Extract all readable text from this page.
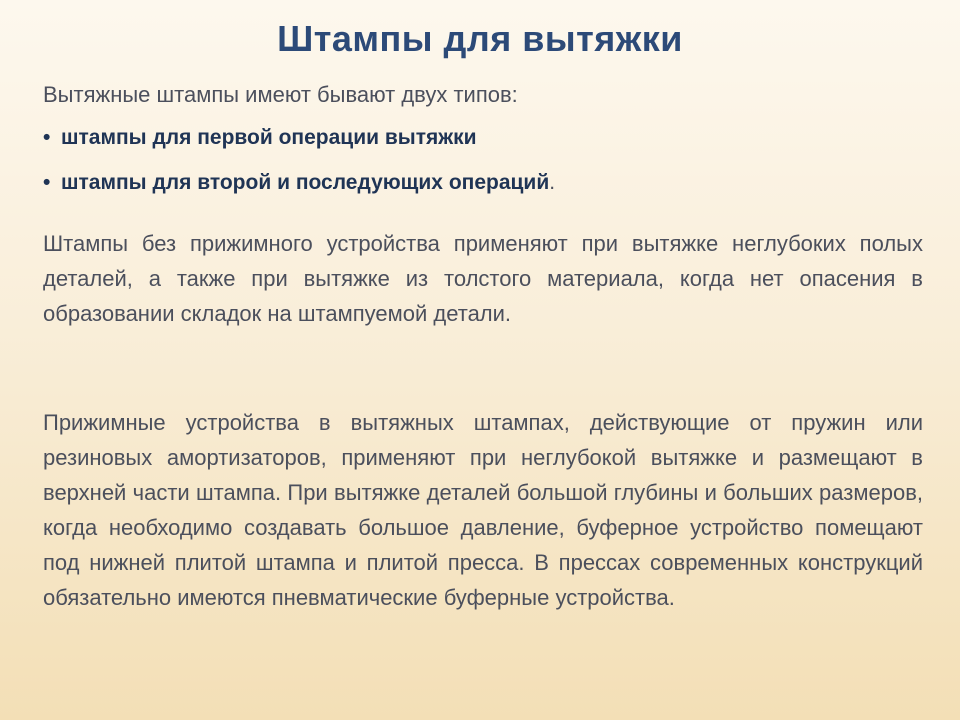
Штампы для вытяжки
Вытяжные штампы имеют бывают двух типов:
• штампы для первой операции вытяжки
• штампы для второй и последующих операций.

Штампы без прижимного устройства применяют при вытяжке неглубоких полых деталей, а также при вытяжке из толстого материала, когда нет опасения в образовании складок на штампуемой детали.

Прижимные устройства в вытяжных штампах, действующие от пружин или резиновых амортизаторов, применяют при неглубокой вытяжке и размещают в верхней части штампа. При вытяжке деталей большой глубины и больших размеров, когда необходимо создавать большое давление, буферное устройство помещают под нижней плитой штампа и плитой пресса. В прессах современных конструкций обязательно имеются пневматические буферные устройства.
